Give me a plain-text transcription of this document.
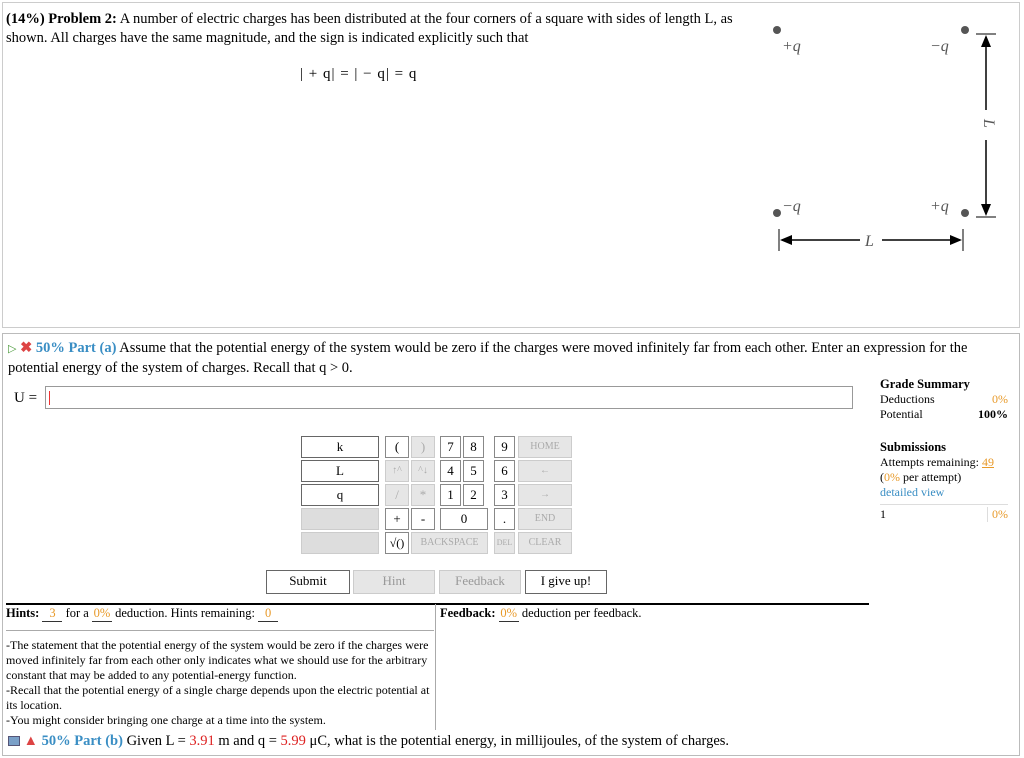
(14%) Problem 2: A number of electric charges has been distributed at the four corners of a square with sides of length L, as shown. All charges have the same magnitude, and the sign is indicated explicitly such that
| + q| = | − q| = q
+q	−q
−q	+q
L
L
▷ ✖ 50% Part (a) Assume that the potential energy of the system would be zero if the charges were moved infinitely far from each other. Enter an expression for the potential energy of the system of charges. Recall that q > 0.
U =
Grade Summary
Deductions	0%
Potential	100%
Submissions
Attempts remaining: 49
(0% per attempt)
detailed view
1	0%
k
L
q
(	)	7	8	9	HOME
↑^	^↓	4	5	6	←
/	*	1	2	3	→
+	-	0	.	END
√()	BACKSPACE	DEL	CLEAR
Submit	Hint	Feedback	I give up!
Hints: 3 for a 0% deduction. Hints remaining: 0	Feedback: 0% deduction per feedback.
-The statement that the potential energy of the system would be zero if the charges were moved infinitely far from each other only indicates what we should use for the arbitrary constant that may be added to any potential-energy function.
-Recall that the potential energy of a single charge depends upon the electric potential at its location.
-You might consider bringing one charge at a time into the system.
▲ 50% Part (b) Given L = 3.91 m and q = 5.99 μC, what is the potential energy, in millijoules, of the system of charges.
